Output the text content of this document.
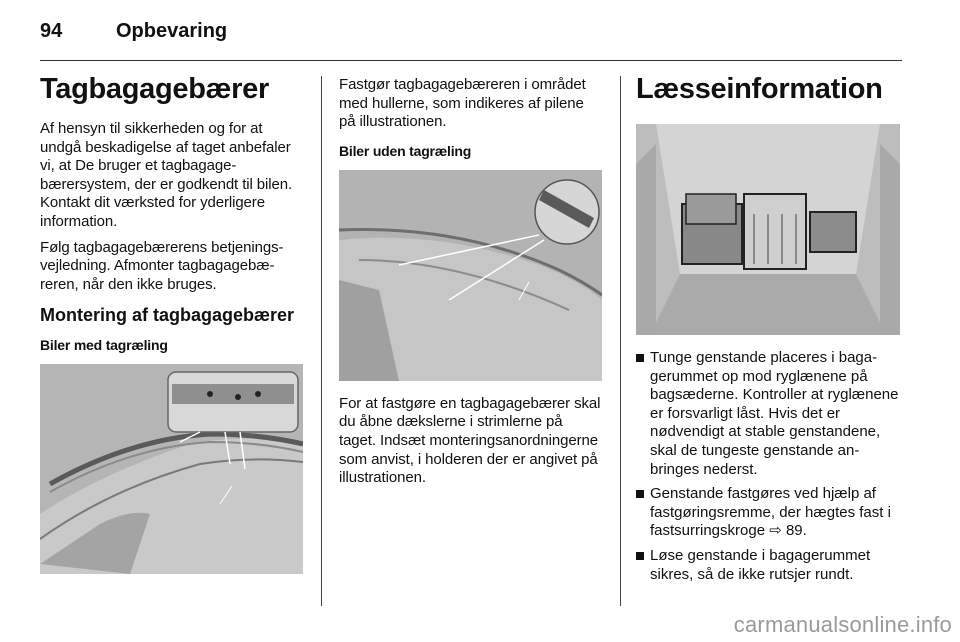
94	Opbevaring
Tagbagagebærer

Af hensyn til sikkerheden og for at undgå beskadigelse af taget anbefaler vi, at De bruger et tagbagagebærersystem, der er godkendt til bilen. Kontakt dit værksted for yderligere information.

Følg tagbagagebærerens betjeningsvejledning. Afmonter tagbagagebæreren, når den ikke bruges.

Montering af tagbagagebærer
Biler med tagræling

Fastgør tagbagagebæreren i området med hullerne, som indikeres af pilene på illustrationen.

Biler uden tagræling

For at fastgøre en tagbagagebærer skal du åbne dækslerne i strimlerne på taget. Indsæt monteringsanordningerne som anvist, i holderen der er angivet på illustrationen.

Læsseinformation
Tunge genstande placeres i bagagerummet op mod ryglænene på bagsæderne. Kontroller at ryglænene er forsvarligt låst. Hvis det er nødvendigt at stable genstandene, skal de tungeste genstande anbringes nederst.
Genstande fastgøres ved hjælp af fastgøringsremme, der hægtes fast i fastsurringskroge ⇨ 89.
Løse genstande i bagagerummet sikres, så de ikke rutsjer rundt.
carmanualsonline.info
